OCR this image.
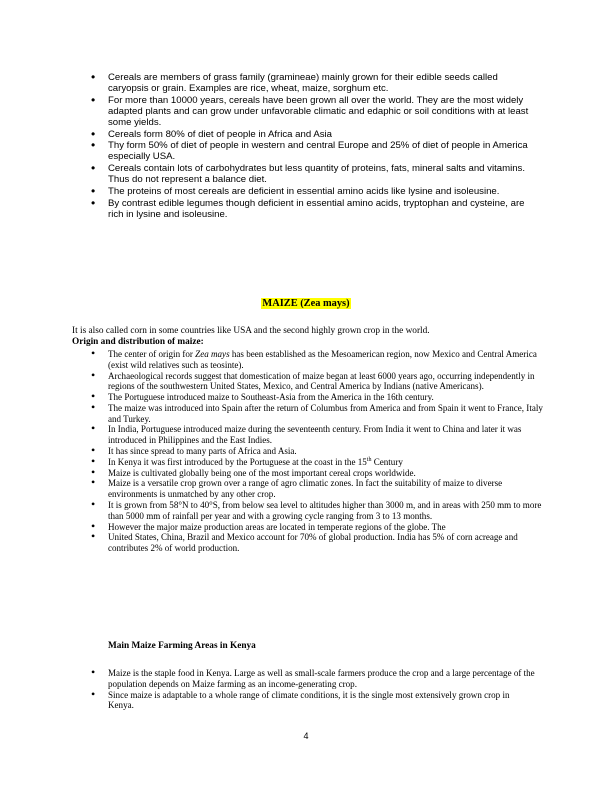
• Cereals are members of grass family (gramineae) mainly grown for their edible seeds called caryopsis or grain. Examples are rice, wheat, maize, sorghum etc.
• For more than 10000 years, cereals have been grown all over the world. They are the most widely adapted plants and can grow under unfavorable climatic and edaphic or soil conditions with at least some yields.
• Cereals form 80% of diet of people in Africa and Asia
• Thy form 50% of diet of people in western and central Europe and 25% of diet of people in America especially USA.
• Cereals contain lots of carbohydrates but less quantity of proteins, fats, mineral salts and vitamins. Thus do not represent a balance diet.
• The proteins of most cereals are deficient in essential amino acids like lysine and isoleusine.
• By contrast edible legumes though deficient in essential amino acids, tryptophan and cysteine, are rich in lysine and isoleusine.
MAIZE (Zea mays)
It is also called corn in some countries like USA and the second highly grown crop in the world.
Origin and distribution of maize:
• The center of origin for Zea mays has been established as the Mesoamerican region, now Mexico and Central America (exist wild relatives such as teosinte).
• Archaeological records suggest that domestication of maize began at least 6000 years ago, occurring independently in regions of the southwestern United States, Mexico, and Central America by Indians (native Americans).
• The Portuguese introduced maize to Southeast-Asia from the America in the 16th century.
• The maize was introduced into Spain after the return of Columbus from America and from Spain it went to France, Italy and Turkey.
• In India, Portuguese introduced maize during the seventeenth century. From India it went to China and later it was introduced in Philippines and the East Indies.
• It has since spread to many parts of Africa and Asia.
• In Kenya it was first introduced by the Portuguese at the coast in the 15th Century
• Maize is cultivated globally being one of the most important cereal crops worldwide.
• Maize is a versatile crop grown over a range of agro climatic zones. In fact the suitability of maize to diverse environments is unmatched by any other crop.
• It is grown from 58°N to 40°S, from below sea level to altitudes higher than 3000 m, and in areas with 250 mm to more than 5000 mm of rainfall per year and with a growing cycle ranging from 3 to 13 months.
• However the major maize production areas are located in temperate regions of the globe. The
• United States, China, Brazil and Mexico account for 70% of global production. India has 5% of corn acreage and contributes 2% of world production.
Main Maize Farming Areas in Kenya
• Maize is the staple food in Kenya. Large as well as small-scale farmers produce the crop and a large percentage of the population depends on Maize farming as an income-generating crop.
• Since maize is adaptable to a whole range of climate conditions, it is the single most extensively grown crop in Kenya.
4
